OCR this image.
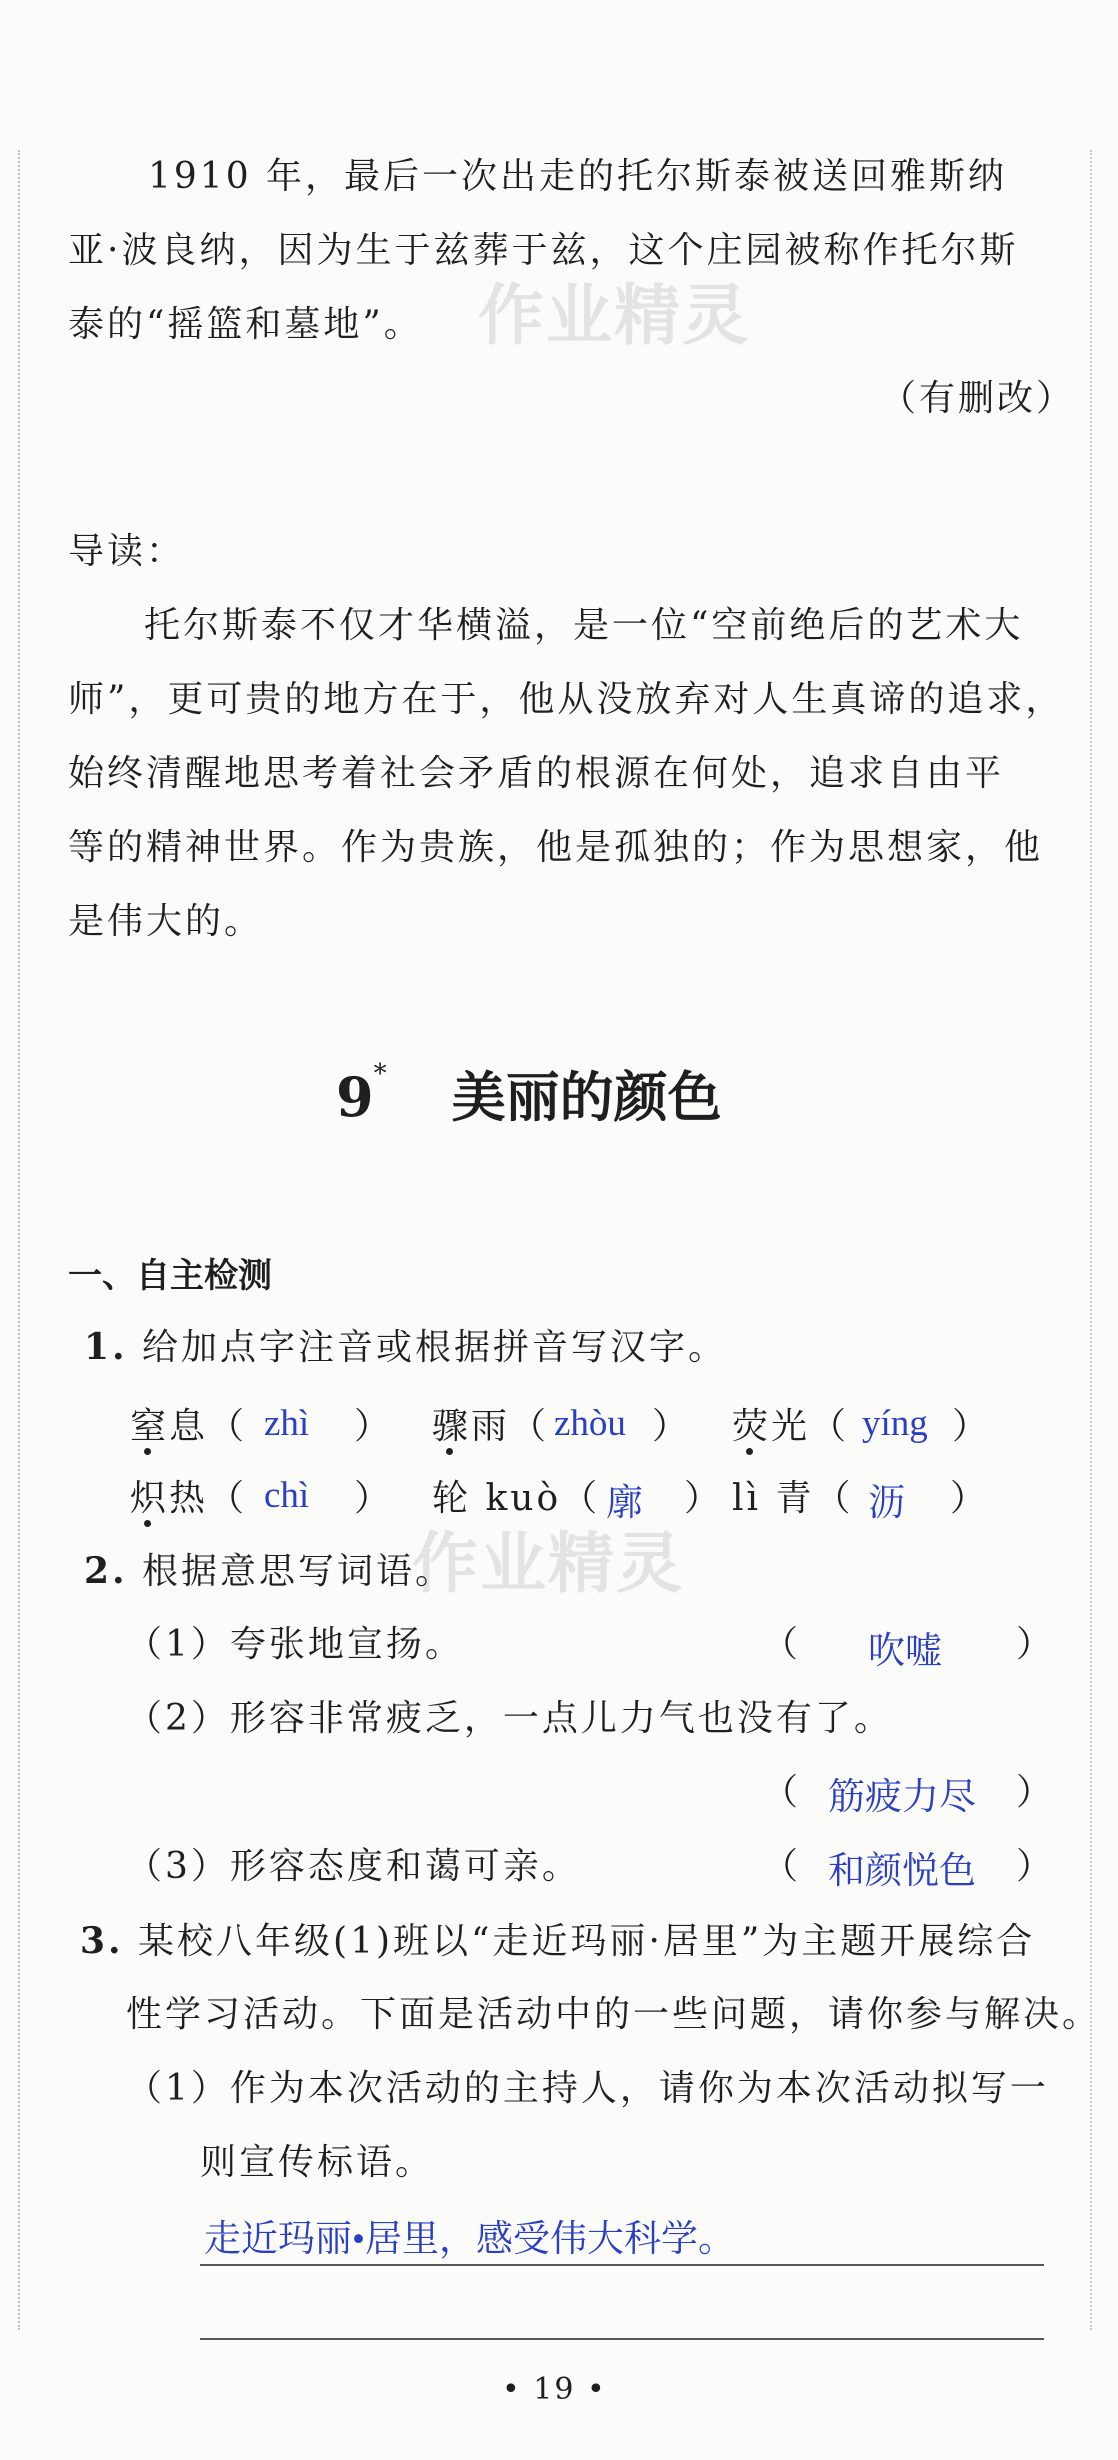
1910 年，最后一次出走的托尔斯泰被送回雅斯纳
亚·波良纳，因为生于兹葬于兹，这个庄园被称作托尔斯
泰的“摇篮和墓地”。
（有删改）
作业精灵
导读：
托尔斯泰不仅才华横溢，是一位“空前绝后的艺术大
师”，更可贵的地方在于，他从没放弃对人生真谛的追求，
始终清醒地思考着社会矛盾的根源在何处，追求自由平
等的精神世界。作为贵族，他是孤独的；作为思想家，他
是伟大的。
9* 美丽的颜色
一、自主检测
1. 给加点字注音或根据拼音写汉字。
窒息（ zhì ） 骤雨（ zhòu ） 荧光（ yíng ）
炽热（ chì ） 轮 kuò（ 廓 ） lì 青（ 沥 ）
作业精灵
2. 根据意思写词语。
（1）夸张地宣扬。	（ 吹嘘 ）
（2）形容非常疲乏，一点儿力气也没有了。
（ 筋疲力尽 ）
（3）形容态度和蔼可亲。	（ 和颜悦色 ）
3. 某校八年级(1)班以“走近玛丽·居里”为主题开展综合
性学习活动。下面是活动中的一些问题，请你参与解决。
（1）作为本次活动的主持人，请你为本次活动拟写一
则宣传标语。
走近玛丽•居里，感受伟大科学。
• 19 •
